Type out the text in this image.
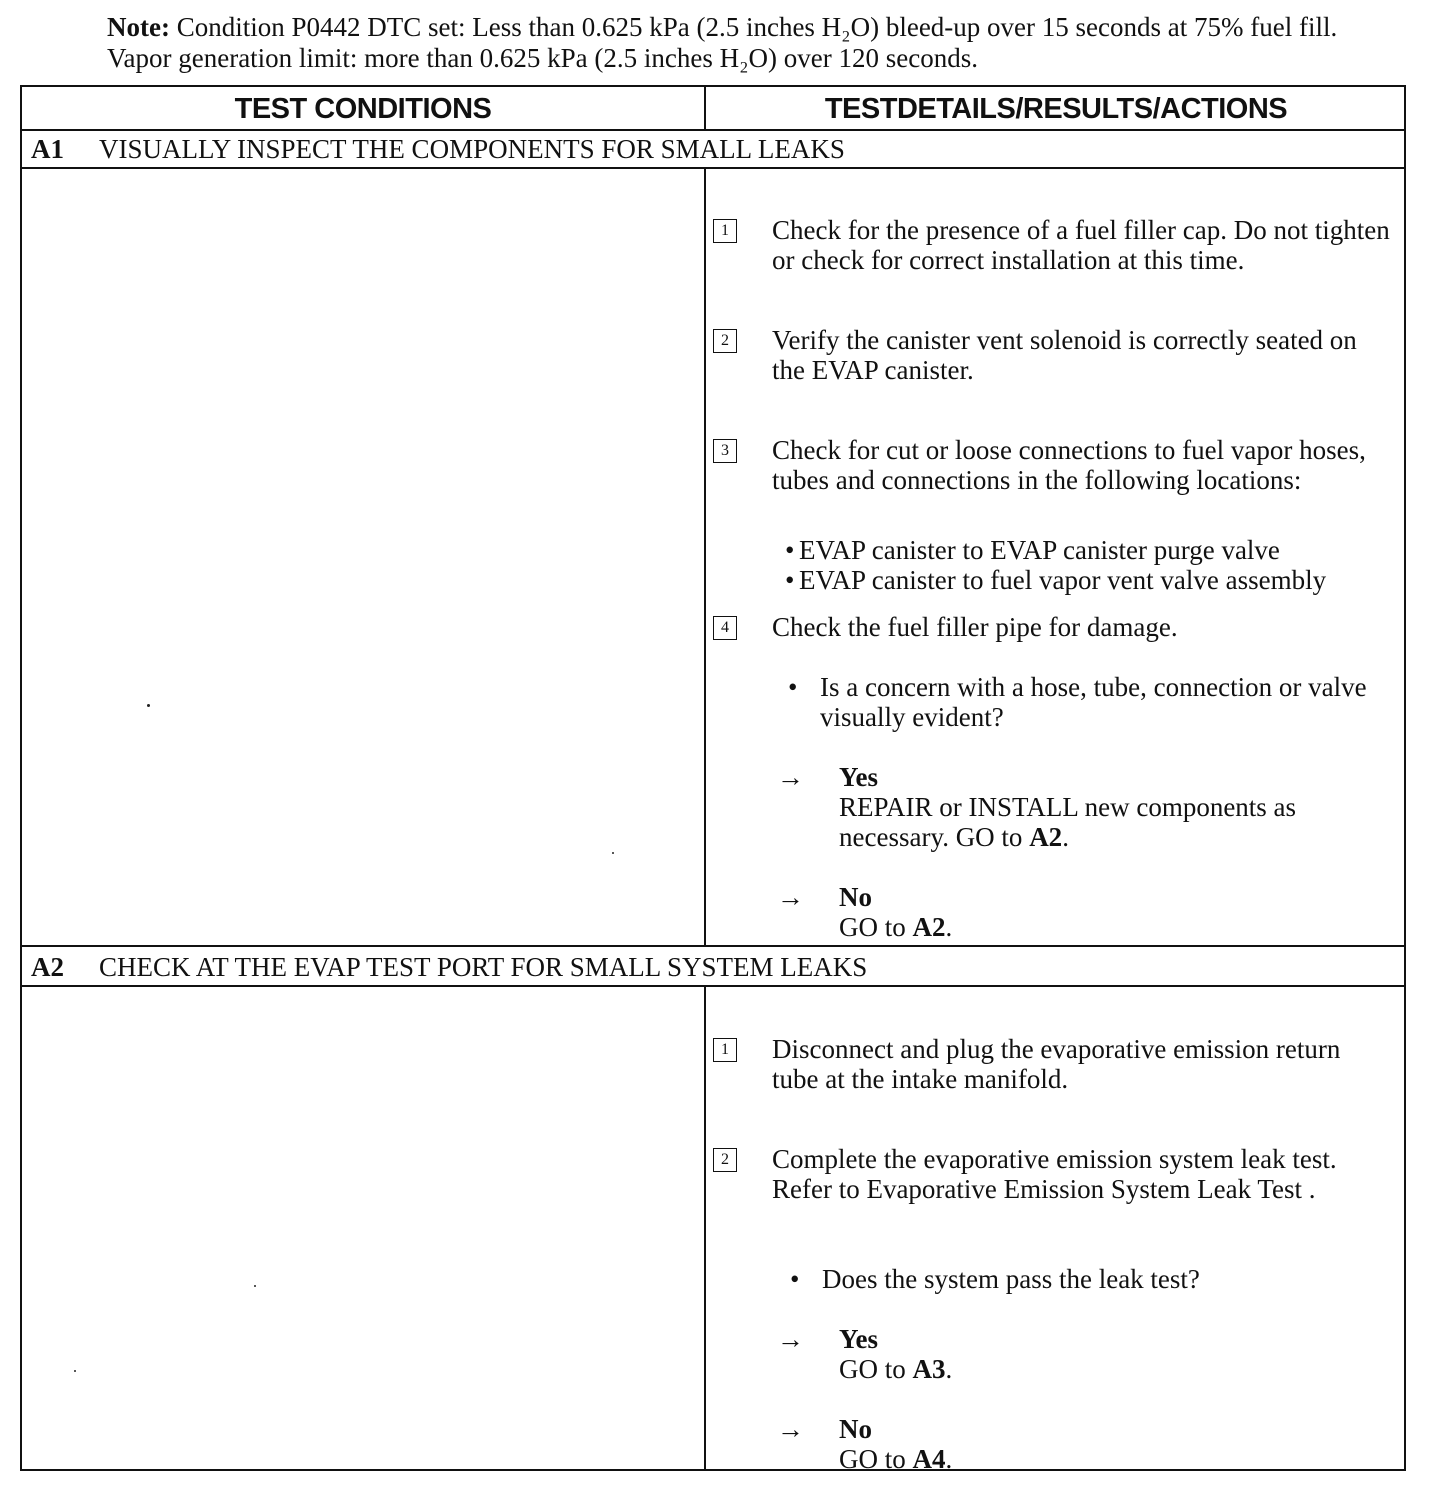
Note: Condition P0442 DTC set: Less than 0.625 kPa (2.5 inches H₂O) bleed-up over 15 seconds at 75% fuel fill. Vapor generation limit: more than 0.625 kPa (2.5 inches H₂O) over 120 seconds.
TEST CONDITIONS	TESTDETAILS/RESULTS/ACTIONS
A1 VISUALLY INSPECT THE COMPONENTS FOR SMALL LEAKS
1 Check for the presence of a fuel filler cap. Do not tighten or check for correct installation at this time.
2 Verify the canister vent solenoid is correctly seated on the EVAP canister.
3 Check for cut or loose connections to fuel vapor hoses, tubes and connections in the following locations:
• EVAP canister to EVAP canister purge valve
• EVAP canister to fuel vapor vent valve assembly
4 Check the fuel filler pipe for damage.
• Is a concern with a hose, tube, connection or valve visually evident?
→ Yes
REPAIR or INSTALL new components as necessary. GO to A2.
→ No
GO to A2.
A2 CHECK AT THE EVAP TEST PORT FOR SMALL SYSTEM LEAKS
1 Disconnect and plug the evaporative emission return tube at the intake manifold.
2 Complete the evaporative emission system leak test. Refer to Evaporative Emission System Leak Test .
• Does the system pass the leak test?
→ Yes
GO to A3.
→ No
GO to A4.
